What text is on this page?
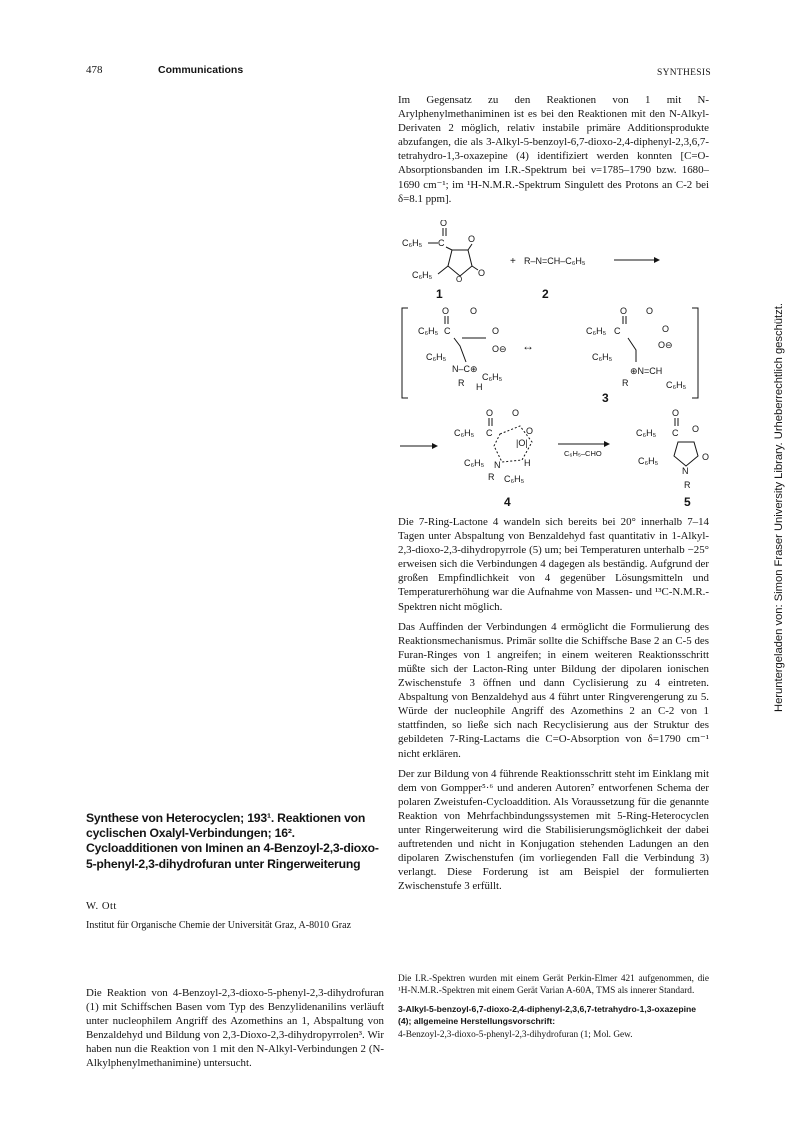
478	Communications	SYNTHESIS
Heruntergeladen von: Simon Fraser University Library. Urheberrechtlich geschützt.

Im Gegensatz zu den Reaktionen von 1 mit N-Arylphenylmethaniminen ist es bei den Reaktionen mit den N-Alkyl-Derivaten 2 möglich, relativ instabile primäre Additionsprodukte abzufangen, die als 3-Alkyl-5-benzoyl-6,7-dioxo-2,4-diphenyl-2,3,6,7-tetrahydro-1,3-oxazepine (4) identifiziert werden konnten [C=O-Absorptionsbanden im I.R.-Spektrum bei ν=1785–1790 bzw. 1680–1690 cm⁻¹; im ¹H-N.M.R.-Spektrum Singulett des Protons an C-2 bei δ=8.1 ppm].

O
C₆H₅ C	O
O
O
C₆H₅
+ R–N=CH–C₆H₅
1	2
O
C₆H₅ C
O
O
O⊖
C₆H₅
N–C⊕
C₆H₅
R H
↔
O
C₆H₅ C
O
O
O⊖
C₆H₅
⊕N=CH
R	C₆H₅
3
O
C₆H₅ C
O
O
|O|
C₆H₅ N	H
R C₆H₅
C₆H₅–CHO
O
C₆H₅ C O
O
C₆H₅
N
R
4	5

Die 7-Ring-Lactone 4 wandeln sich bereits bei 20° innerhalb 7–14 Tagen unter Abspaltung von Benzaldehyd fast quantitativ in 1-Alkyl-2,3-dioxo-2,3-dihydropyrrole (5) um; bei Temperaturen unterhalb −25° erweisen sich die Verbindungen 4 dagegen als beständig. Aufgrund der großen Empfindlichkeit von 4 gegenüber Lösungsmitteln und Temperaturerhöhung war die Aufnahme von Massen- und ¹³C-N.M.R.-Spektren nicht möglich.

Das Auffinden der Verbindungen 4 ermöglicht die Formulierung des Reaktionsmechanismus. Primär sollte die Schiffsche Base 2 an C-5 des Furan-Ringes von 1 angreifen; in einem weiteren Reaktionsschritt müßte sich der Lacton-Ring unter Bildung der dipolaren ionischen Zwischenstufe 3 öffnen und dann Cyclisierung zu 4 eintreten. Abspaltung von Benzaldehyd aus 4 führt unter Ringverengerung zu 5. Würde der nucleophile Angriff des Azomethins 2 an C-2 von 1 stattfinden, so ließe sich nach Recyclisierung aus der Struktur des gebildeten 7-Ring-Lactams die C=O-Absorption von δ=1790 cm⁻¹ nicht erklären.

Der zur Bildung von 4 führende Reaktionsschritt steht im Einklang mit dem von Gompper⁵·⁶ und anderen Autoren⁷ entworfenen Schema der polaren Zweistufen-Cycloaddition. Als Voraussetzung für die genannte Reaktion von Mehrfachbindungssystemen mit 5-Ring-Heterocyclen unter Ringerweiterung wird die Stabilisierungsmöglichkeit der dabei auftretenden und nicht in Konjugation stehenden Ladungen an den dipolaren Zwischenstufen (im vorliegenden Fall die Verbindung 3) verlangt. Diese Forderung ist am Beispiel der formulierten Zwischenstufe 3 erfüllt.

Die I.R.-Spektren wurden mit einem Gerät Perkin-Elmer 421 aufgenommen, die ¹H-N.M.R.-Spektren mit einem Gerät Varian A-60A, TMS als innerer Standard.

3-Alkyl-5-benzoyl-6,7-dioxo-2,4-diphenyl-2,3,6,7-tetrahydro-1,3-oxazepine (4); allgemeine Herstellungsvorschrift:

4-Benzoyl-2,3-dioxo-5-phenyl-2,3-dihydrofuran (1; Mol. Gew.

Synthese von Heterocyclen; 193¹. Reaktionen von cyclischen Oxalyl-Verbindungen; 16². Cycloadditionen von Iminen an 4-Benzoyl-2,3-dioxo-5-phenyl-2,3-dihydrofuran unter Ringerweiterung
W. Ott
Institut für Organische Chemie der Universität Graz, A-8010 Graz
Die Reaktion von 4-Benzoyl-2,3-dioxo-5-phenyl-2,3-dihydrofuran (1) mit Schiffschen Basen vom Typ des Benzylidenanilins verläuft unter nucleophilem Angriff des Azomethins an 1, Abspaltung von Benzaldehyd und Bildung von 2,3-Dioxo-2,3-dihydropyrrolen³. Wir haben nun die Reaktion von 1 mit den N-Alkyl-Verbindungen 2 (N-Alkylphenylmethanimine) untersucht.
